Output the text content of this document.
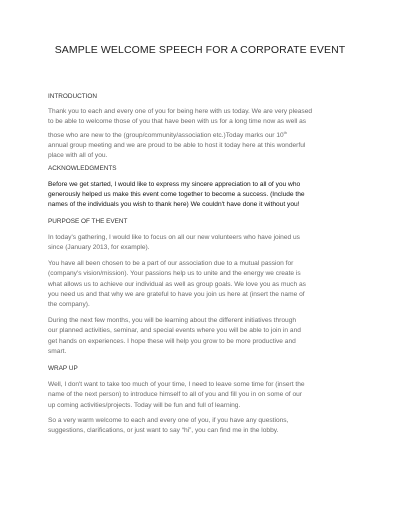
SAMPLE WELCOME SPEECH FOR A CORPORATE EVENT
INTRODUCTION
Thank you to each and every one of you for being here with us today. We are very pleased
to be able to welcome those of you that have been with us for a long time now as well as
those who are new to the (group/community/association etc.)Today marks our 10th
annual group meeting and we are proud to be able to host it today here at this wonderful
place with all of you.
ACKNOWLEDGMENTS
Before we get started, I would like to express my sincere appreciation to all of you who
generously helped us make this event come together to become a success. (Include the
names of the individuals you wish to thank here) We couldn't have done it without you!
PURPOSE OF THE EVENT
In today's gathering, I would like to focus on all our new volunteers who have joined us
since (January 2013, for example).
You have all been chosen to be a part of our association due to a mutual passion for
(company's vision/mission). Your passions help us to unite and the energy we create is
what allows us to achieve our individual as well as group goals. We love you as much as
you need us and that why we are grateful to have you join us here at (insert the name of
the company).
During the next few months, you will be learning about the different initiatives through
our planned activities, seminar, and special events where you will be able to join in and
get hands on experiences. I hope these will help you grow to be more productive and
smart.
WRAP UP
Well, I don't want to take too much of your time, I need to leave some time for (insert the
name of the next person) to introduce himself to all of you and fill you in on some of our
up coming activities/projects. Today will be fun and full of learning.
So a very warm welcome to each and every one of you, if you have any questions,
suggestions, clarifications, or just want to say “hi”, you can find me in the lobby.
